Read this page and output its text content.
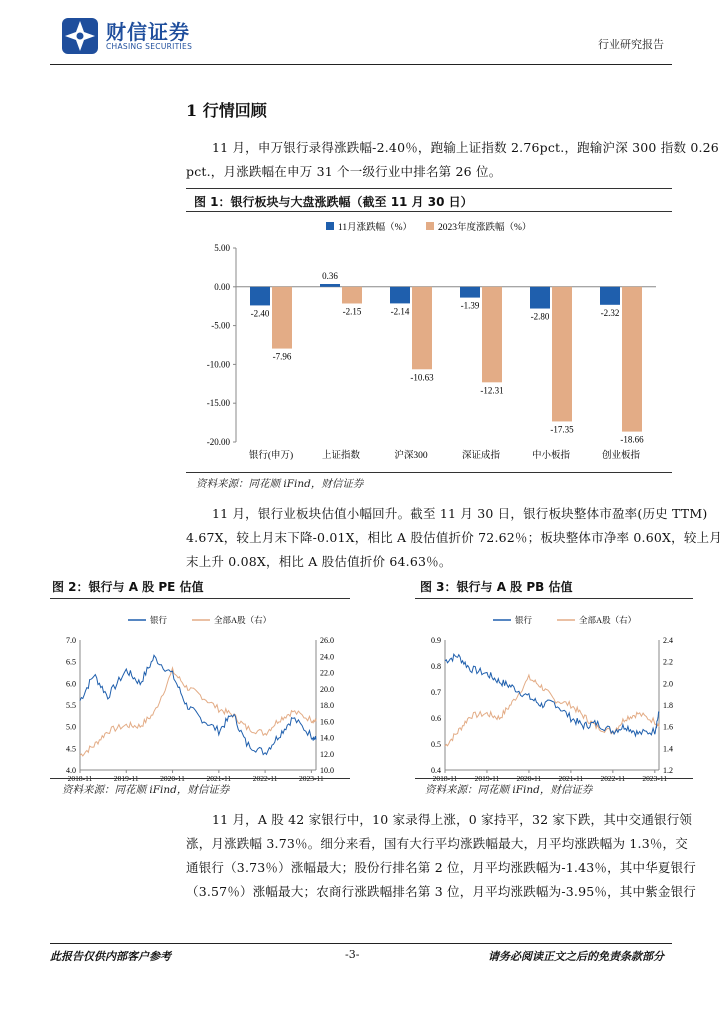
财信证券
CHASING SECURITIES	行业研究报告
1 行情回顾
11 月，申万银行录得涨跌幅-2.40％，跑输上证指数 2.76pct.，跑输沪深 300 指数 0.26
pct.，月涨跌幅在申万 31 个一级行业中排名第 26 位。
图 1：银行板块与大盘涨跌幅（截至 11 月 30 日）
11月涨跌幅（%）	2023年度涨跌幅（%）
5.00
0.00
-5.00
-10.00
-15.00
-20.00
-2.40
-7.96
银行(申万)
0.36
-2.15
上证指数
-2.14
-10.63
沪深300
-1.39
-12.31
深证成指
-2.80
-17.35
中小板指
-2.32
-18.66
创业板指
资料来源：同花顺 iFind，财信证券
11 月，银行业板块估值小幅回升。截至 11 月 30 日，银行板块整体市盈率(历史 TTM)
4.67X，较上月末下降-0.01X，相比 A 股估值折价 72.62％；板块整体市净率 0.60X，较上月
末上升 0.08X，相比 A 股估值折价 64.63％。
图 2：银行与 A 股 PE 估值
银行	全部A股（右）
7.0
6.5
6.0
5.5
5.0
4.5
4.0
26.0
24.0
22.0
20.0
18.0
16.0
14.0
12.0
10.0
资料来源：同花顺 iFind，财信证券
图 3：银行与 A 股 PB 估值
银行	全部A股（右）
0.9
0.8
0.7
0.6
0.5
0.4
2.4
2.2
2.0
1.8
1.6
1.4
1.2
资料来源：同花顺 iFind，财信证券
11 月，A 股 42 家银行中，10 家录得上涨，0 家持平，32 家下跌，其中交通银行领
涨，月涨跌幅 3.73％。细分来看，国有大行平均涨跌幅最大，月平均涨跌幅为 1.3％，交
通银行（3.73％）涨幅最大；股份行排名第 2 位，月平均涨跌幅为-1.43％，其中华夏银行
（3.57％）涨幅最大；农商行涨跌幅排名第 3 位，月平均涨跌幅为-3.95％，其中紫金银行
此报告仅供内部客户参考	-3-	请务必阅读正文之后的免责条款部分
